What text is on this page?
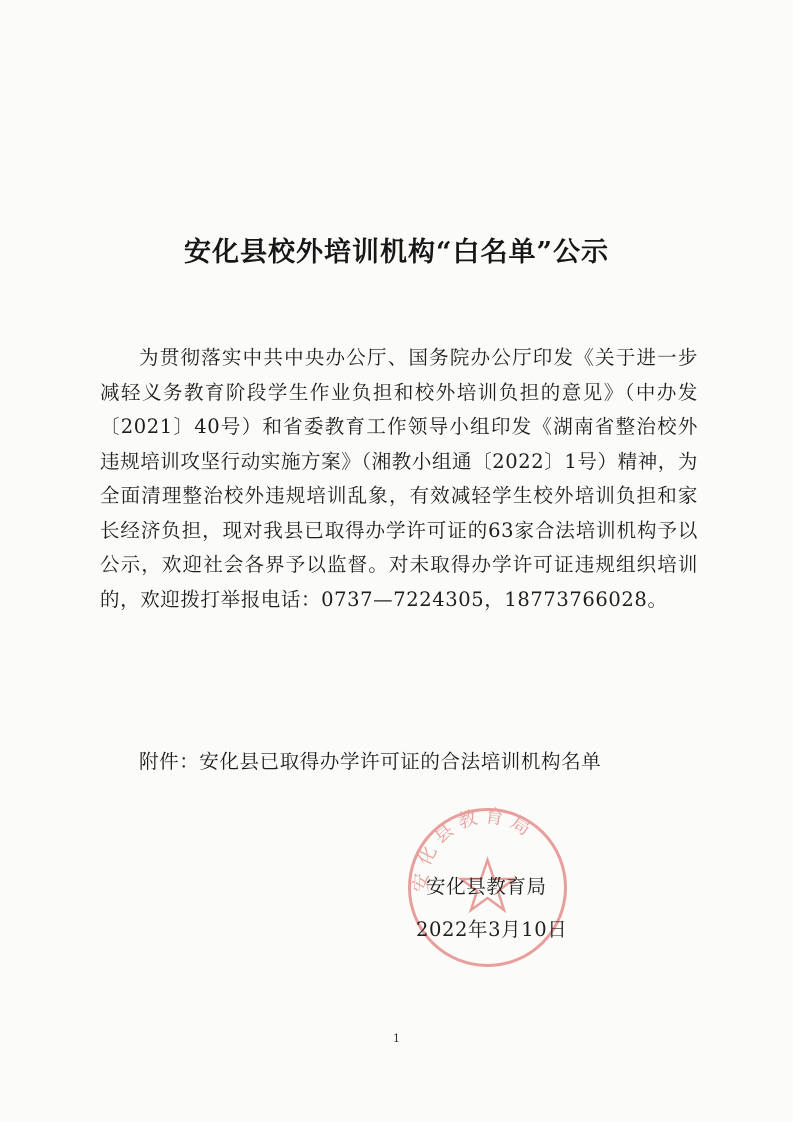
安化县校外培训机构“白名单”公示

为贯彻落实中共中央办公厅、国务院办公厅印发《关于进一步减轻义务教育阶段学生作业负担和校外培训负担的意见》（中办发〔2021〕40号）和省委教育工作领导小组印发《湖南省整治校外违规培训攻坚行动实施方案》（湘教小组通〔2022〕1号）精神，为全面清理整治校外违规培训乱象，有效减轻学生校外培训负担和家长经济负担，现对我县已取得办学许可证的63家合法培训机构予以公示，欢迎社会各界予以监督。对未取得办学许可证违规组织培训的，欢迎拨打举报电话：0737—7224305，18773766028。

附件：安化县已取得办学许可证的合法培训机构名单
安化县教育局
安化县教育局
2022年3月10日
1
